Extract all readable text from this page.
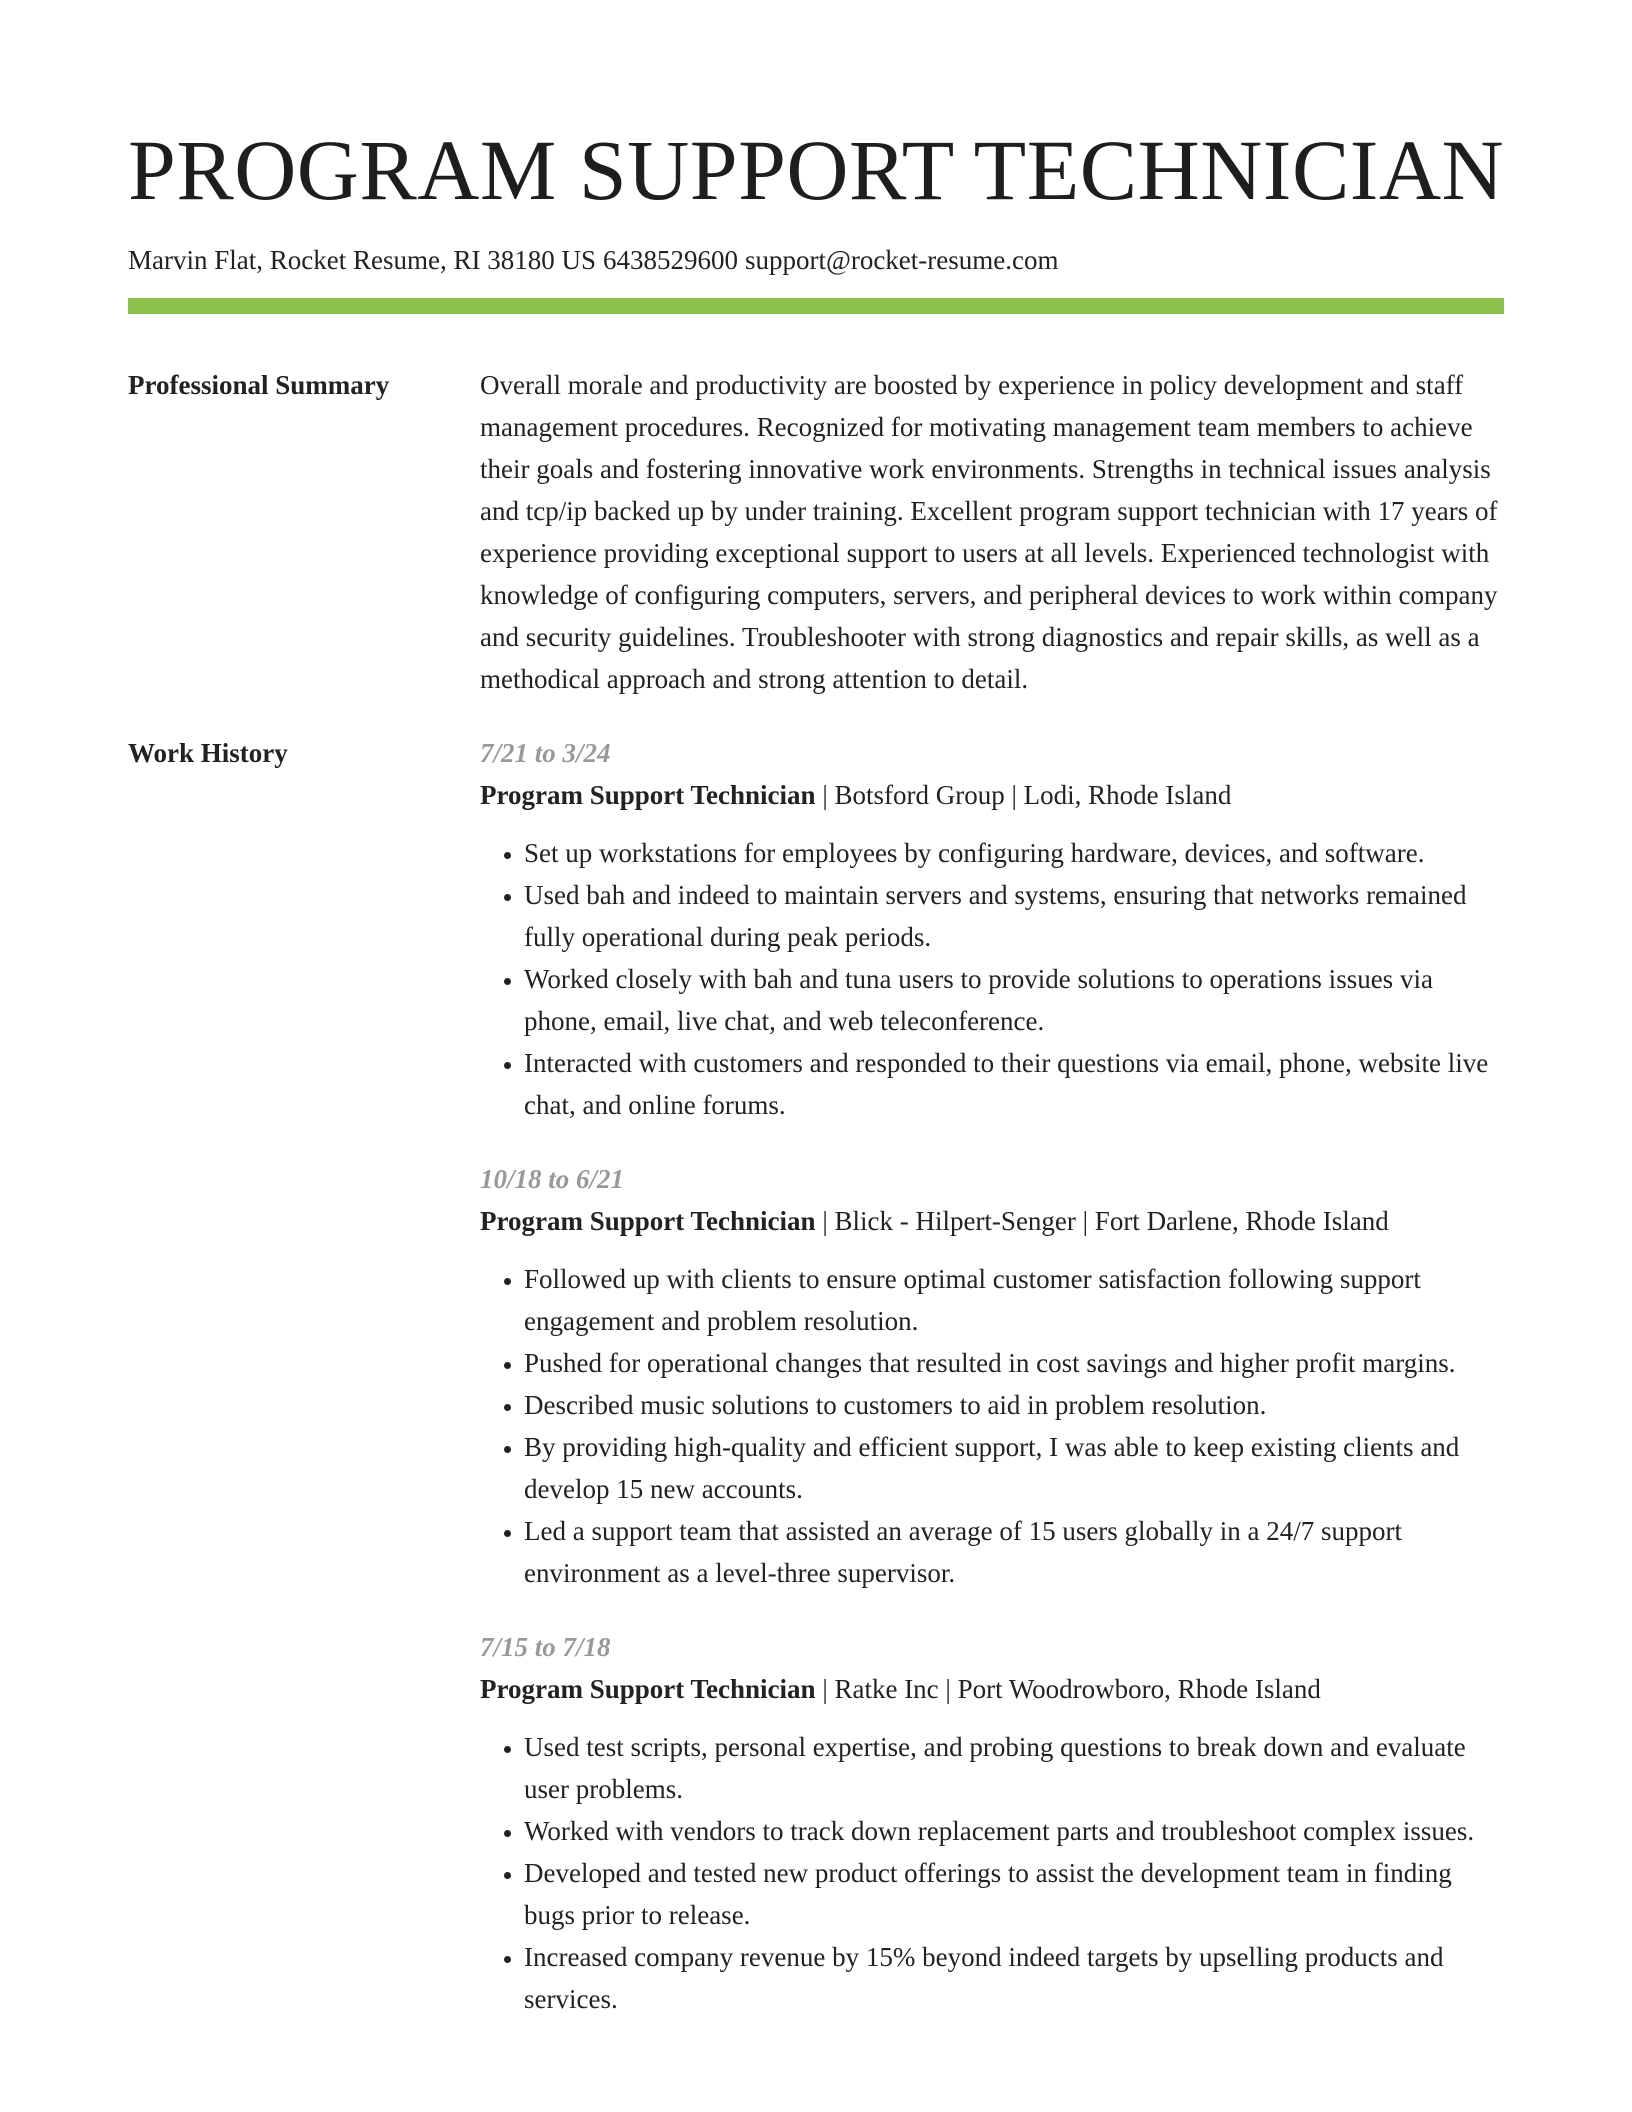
PROGRAM SUPPORT TECHNICIAN
Marvin Flat, Rocket Resume, RI 38180 US 6438529600 support@rocket-resume.com
Professional Summary	Overall morale and productivity are boosted by experience in policy development and staff management procedures. Recognized for motivating management team members to achieve their goals and fostering innovative work environments. Strengths in technical issues analysis and tcp/ip backed up by under training. Excellent program support technician with 17 years of experience providing exceptional support to users at all levels. Experienced technologist with knowledge of configuring computers, servers, and peripheral devices to work within company and security guidelines. Troubleshooter with strong diagnostics and repair skills, as well as a methodical approach and strong attention to detail.

Work History	7/21 to 3/24
Program Support Technician | Botsford Group | Lodi, Rhode Island
• Set up workstations for employees by configuring hardware, devices, and software.
• Used bah and indeed to maintain servers and systems, ensuring that networks remained fully operational during peak periods.
• Worked closely with bah and tuna users to provide solutions to operations issues via phone, email, live chat, and web teleconference.
• Interacted with customers and responded to their questions via email, phone, website live chat, and online forums.
10/18 to 6/21
Program Support Technician | Blick - Hilpert-Senger | Fort Darlene, Rhode Island
• Followed up with clients to ensure optimal customer satisfaction following support engagement and problem resolution.
• Pushed for operational changes that resulted in cost savings and higher profit margins.
• Described music solutions to customers to aid in problem resolution.
• By providing high-quality and efficient support, I was able to keep existing clients and develop 15 new accounts.
• Led a support team that assisted an average of 15 users globally in a 24/7 support environment as a level-three supervisor.
7/15 to 7/18
Program Support Technician | Ratke Inc | Port Woodrowboro, Rhode Island
• Used test scripts, personal expertise, and probing questions to break down and evaluate user problems.
• Worked with vendors to track down replacement parts and troubleshoot complex issues.
• Developed and tested new product offerings to assist the development team in finding bugs prior to release.
• Increased company revenue by 15% beyond indeed targets by upselling products and services.
